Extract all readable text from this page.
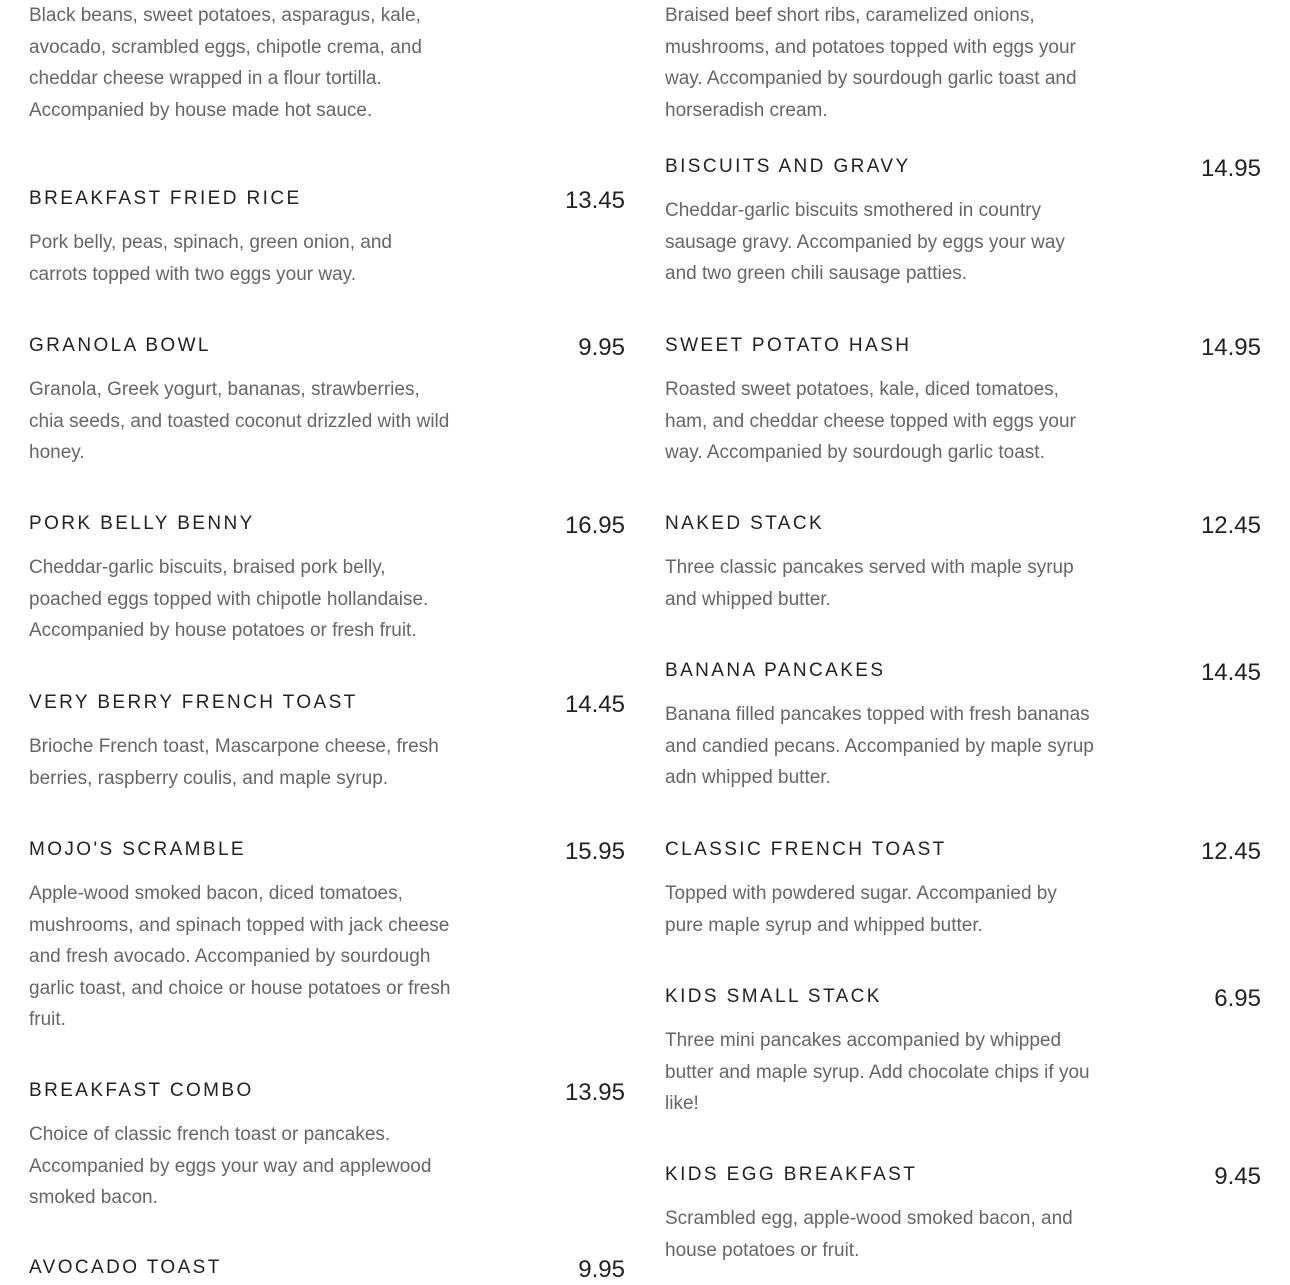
Black beans, sweet potatoes, asparagus, kale, avocado, scrambled eggs, chipotle crema, and cheddar cheese wrapped in a flour tortilla. Accompanied by house made hot sauce.

BREAKFAST FRIED RICE	13.45

Pork belly, peas, spinach, green onion, and carrots topped with two eggs your way.

GRANOLA BOWL	9.95

Granola, Greek yogurt, bananas, strawberries, chia seeds, and toasted coconut drizzled with wild honey.

PORK BELLY BENNY	16.95

Cheddar-garlic biscuits, braised pork belly, poached eggs topped with chipotle hollandaise. Accompanied by house potatoes or fresh fruit.

VERY BERRY FRENCH TOAST	14.45

Brioche French toast, Mascarpone cheese, fresh berries, raspberry coulis, and maple syrup.

MOJO'S SCRAMBLE	15.95

Apple-wood smoked bacon, diced tomatoes, mushrooms, and spinach topped with jack cheese and fresh avocado. Accompanied by sourdough garlic toast, and choice or house potatoes or fresh fruit.

BREAKFAST COMBO	13.95

Choice of classic french toast or pancakes. Accompanied by eggs your way and applewood smoked bacon.

AVOCADO TOAST	9.95

Braised beef short ribs, caramelized onions, mushrooms, and potatoes topped with eggs your way. Accompanied by sourdough garlic toast and horseradish cream.

BISCUITS AND GRAVY	14.95

Cheddar-garlic biscuits smothered in country sausage gravy. Accompanied by eggs your way and two green chili sausage patties.

SWEET POTATO HASH	14.95

Roasted sweet potatoes, kale, diced tomatoes, ham, and cheddar cheese topped with eggs your way. Accompanied by sourdough garlic toast.

NAKED STACK	12.45

Three classic pancakes served with maple syrup and whipped butter.

BANANA PANCAKES	14.45

Banana filled pancakes topped with fresh bananas and candied pecans. Accompanied by maple syrup adn whipped butter.

CLASSIC FRENCH TOAST	12.45

Topped with powdered sugar. Accompanied by pure maple syrup and whipped butter.

KIDS SMALL STACK	6.95

Three mini pancakes accompanied by whipped butter and maple syrup. Add chocolate chips if you like!

KIDS EGG BREAKFAST	9.45

Scrambled egg, apple-wood smoked bacon, and house potatoes or fruit.
